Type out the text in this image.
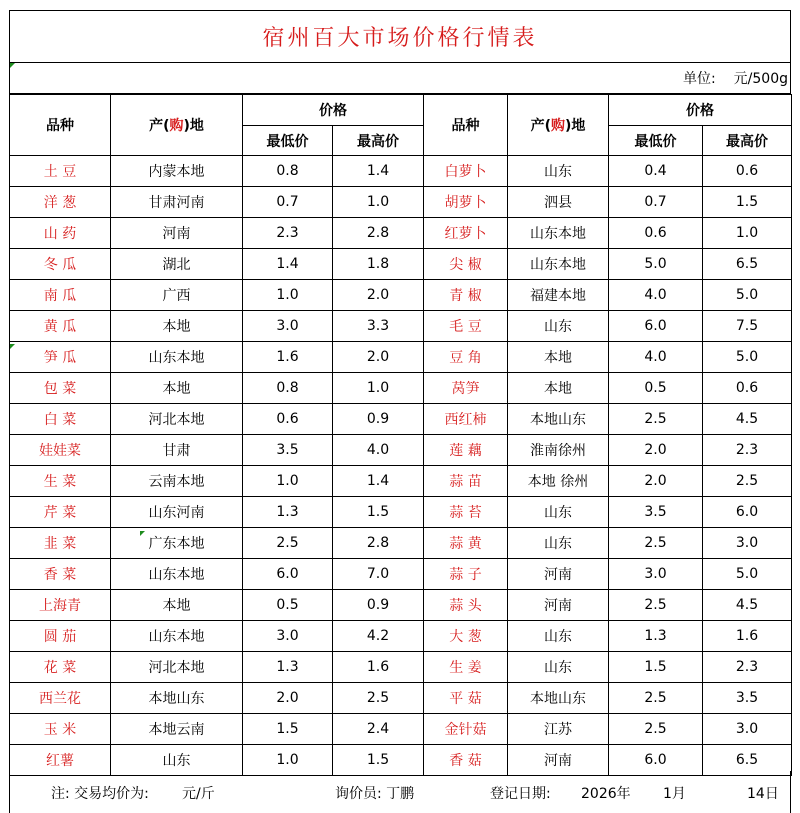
宿州百大市场价格行情表
单位: 元/500g
品种	产(购)地	价格		品种	产(购)地	价格	
		最低价	最高价			最低价	最高价
土 豆	内蒙本地	0.8	1.4	白萝卜	山东	0.4	0.6
洋 葱	甘肃河南	0.7	1.0	胡萝卜	泗县	0.7	1.5
山 药	河南	2.3	2.8	红萝卜	山东本地	0.6	1.0
冬 瓜	湖北	1.4	1.8	尖 椒	山东本地	5.0	6.5
南 瓜	广西	1.0	2.0	青 椒	福建本地	4.0	5.0
黄 瓜	本地	3.0	3.3	毛 豆	山东	6.0	7.5
笋 瓜	山东本地	1.6	2.0	豆 角	本地	4.0	5.0
包 菜	本地	0.8	1.0	莴笋	本地	0.5	0.6
白 菜	河北本地	0.6	0.9	西红柿	本地山东	2.5	4.5
娃娃菜	甘肃	3.5	4.0	莲 藕	淮南徐州	2.0	2.3
生 菜	云南本地	1.0	1.4	蒜 苗	本地 徐州	2.0	2.5
芹 菜	山东河南	1.3	1.5	蒜 苔	山东	3.5	6.0
韭 菜	广东本地	2.5	2.8	蒜 黄	山东	2.5	3.0
香 菜	山东本地	6.0	7.0	蒜 子	河南	3.0	5.0
上海青	本地	0.5	0.9	蒜 头	河南	2.5	4.5
圆 茄	山东本地	3.0	4.2	大 葱	山东	1.3	1.6
花 菜	河北本地	1.3	1.6	生 姜	山东	1.5	2.3
西兰花	本地山东	2.0	2.5	平 菇	本地山东	2.5	3.5
玉 米	本地云南	1.5	2.4	金针菇	江苏	2.5	3.0
红薯	山东	1.0	1.5	香 菇	河南	6.0	6.5
注: 交易均价为: 元/斤	询价员: 丁鹏	登记日期: 2026年 1月	14日
